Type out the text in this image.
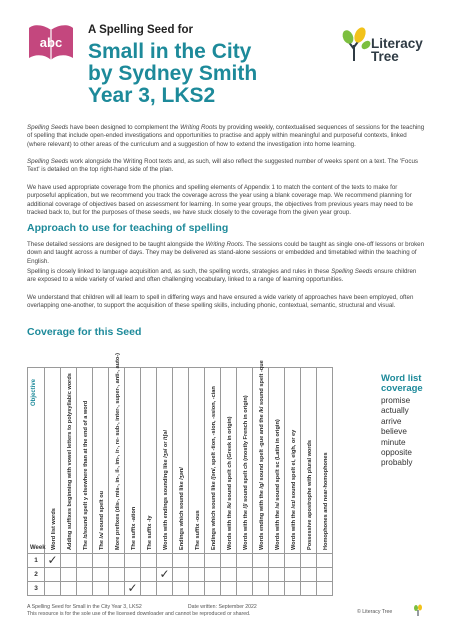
abc
A Spelling Seed for
Small in the City
by Sydney Smith
Year 3, LKS2
Literacy
Tree

Spelling Seeds have been designed to complement the Writing Roots by providing weekly, contextualised sequences of sessions for the teaching of spelling that include open-ended investigations and opportunities to practise and apply within meaningful and purposeful contexts, linked (where relevant) to other areas of the curriculum and a suggestion of how to extend the investigation into home learning.

Spelling Seeds work alongside the Writing Root texts and, as such, will also reflect the suggested number of weeks spent on a text. The 'Focus Text' is detailed on the top right-hand side of the plan.

We have used appropriate coverage from the phonics and spelling elements of Appendix 1 to match the content of the texts to make for purposeful application, but we recommend you track the coverage across the year using a blank coverage map. We recommend planning for additional coverage of objectives based on assessment for learning. In some year groups, the objectives from previous years may need to be tracked back to, but for the purposes of these seeds, we have stuck closely to the coverage from the given year group.

Approach to use for teaching of spelling

These detailed sessions are designed to be taught alongside the Writing Roots. The sessions could be taught as single one-off lessons or broken down and taught across a number of days. They may be delivered as stand-alone sessions or embedded and timetabled within the teaching of English.

Spelling is closely linked to language acquisition and, as such, the spelling words, strategies and rules in these Spelling Seeds ensure children are exposed to a wide variety of varied and often challenging vocabulary, linked to a range of learning opportunities.

We understand that children will all learn to spell in differing ways and have ensured a wide variety of approaches have been employed, often overlapping one-another, to support the acquisition of these spelling skills, including phonic, contextual, semantic, structural and visual.

Coverage for this Seed
Objective
Week	Word list words	Adding suffixes beginning with vowel letters to polysyllabic words	The /ɪ/sound spelt y elsewhere than at the end of a word	The /ʌ/ sound spelt ou	More prefixes (dis-, mis-, in-, il-, im-, ir-, re- sub-, inter-, super-, anti-, auto-)	The suffix -ation	The suffix -ly	Words with endings sounding like /ʒə/ or /tʃə/	Endings which sound like /ʒən/	The suffix -ous	Endings which sound like /ʃən/, spelt -tion, -sion, -ssion, -cian	Words with the /k/ sound spelt ch (Greek in origin)	Words with the /ʃ/ sound spelt ch (mostly French in origin)	Words ending with the /g/ sound spelt -gue and the /k/ sound spelt -que	Words with the /s/ sound spelt sc (Latin in origin)	Words with the /eɪ/ sound spelt ei, eigh, or ey	Possessive apostrophe with plural words	Homophones and near-homophones

1	✓																	
2								✓										
3						✓												
Word list
coverage
promise
actually
arrive
believe
minute
opposite
probably
A Spelling Seed for Small in the City Year 3, LKS2                                Date written: September 2022
This resource is for the sole use of the licensed downloader and cannot be reproduced or shared.	© Literacy Tree
